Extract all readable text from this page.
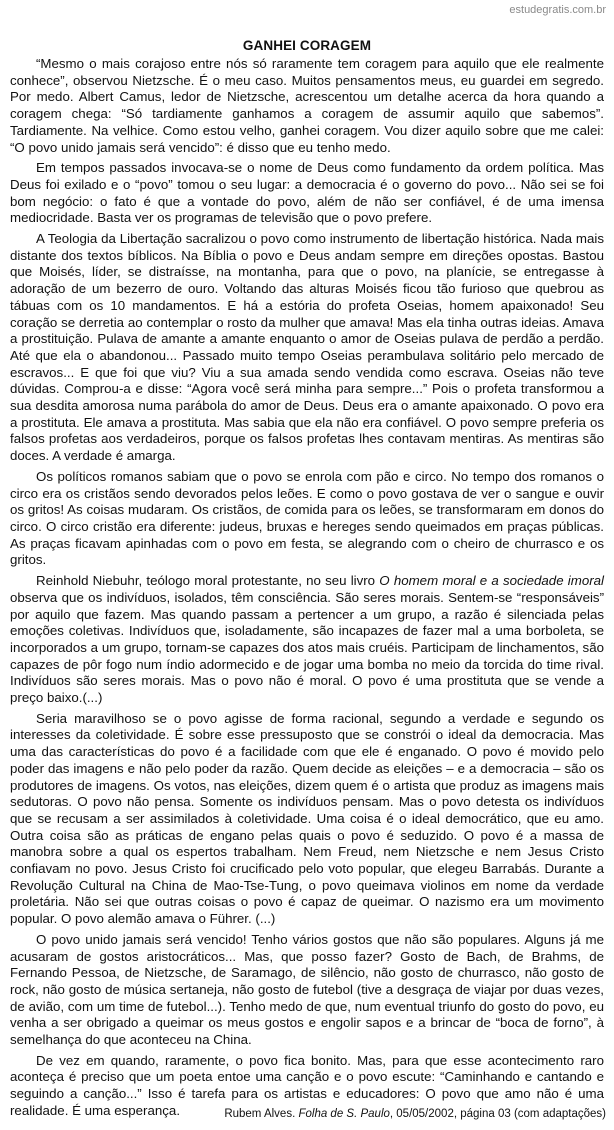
estudegratis.com.br
GANHEI CORAGEM

“Mesmo o mais corajoso entre nós só raramente tem coragem para aquilo que ele realmente conhece”, observou Nietzsche. É o meu caso. Muitos pensamentos meus, eu guardei em segredo. Por medo. Albert Camus, ledor de Nietzsche, acrescentou um detalhe acerca da hora quando a coragem chega: “Só tardiamente ganhamos a coragem de assumir aquilo que sabemos”. Tardiamente. Na velhice. Como estou velho, ganhei coragem. Vou dizer aquilo sobre que me calei: “O povo unido jamais será vencido”: é disso que eu tenho medo.

Em tempos passados invocava-se o nome de Deus como fundamento da ordem política. Mas Deus foi exilado e o “povo” tomou o seu lugar: a democracia é o governo do povo... Não sei se foi bom negócio: o fato é que a vontade do povo, além de não ser confiável, é de uma imensa mediocridade. Basta ver os programas de televisão que o povo prefere.

A Teologia da Libertação sacralizou o povo como instrumento de libertação histórica. Nada mais distante dos textos bíblicos. Na Bíblia o povo e Deus andam sempre em direções opostas. Bastou que Moisés, líder, se distraísse, na montanha, para que o povo, na planície, se entregasse à adoração de um bezerro de ouro. Voltando das alturas Moisés ficou tão furioso que quebrou as tábuas com os 10 mandamentos. E há a estória do profeta Oseias, homem apaixonado! Seu coração se derretia ao contemplar o rosto da mulher que amava! Mas ela tinha outras ideias. Amava a prostituição. Pulava de amante a amante enquanto o amor de Oseias pulava de perdão a perdão. Até que ela o abandonou... Passado muito tempo Oseias perambulava solitário pelo mercado de escravos... E que foi que viu? Viu a sua amada sendo vendida como escrava. Oseias não teve dúvidas. Comprou-a e disse: “Agora você será minha para sempre...” Pois o profeta transformou a sua desdita amorosa numa parábola do amor de Deus. Deus era o amante apaixonado. O povo era a prostituta. Ele amava a prostituta. Mas sabia que ela não era confiável. O povo sempre preferia os falsos profetas aos verdadeiros, porque os falsos profetas lhes contavam mentiras. As mentiras são doces. A verdade é amarga.

Os políticos romanos sabiam que o povo se enrola com pão e circo. No tempo dos romanos o circo era os cristãos sendo devorados pelos leões. E como o povo gostava de ver o sangue e ouvir os gritos! As coisas mudaram. Os cristãos, de comida para os leões, se transformaram em donos do circo. O circo cristão era diferente: judeus, bruxas e hereges sendo queimados em praças públicas. As praças ficavam apinhadas com o povo em festa, se alegrando com o cheiro de churrasco e os gritos.

Reinhold Niebuhr, teólogo moral protestante, no seu livro O homem moral e a sociedade imoral observa que os indivíduos, isolados, têm consciência. São seres morais. Sentem-se “responsáveis” por aquilo que fazem. Mas quando passam a pertencer a um grupo, a razão é silenciada pelas emoções coletivas. Indivíduos que, isoladamente, são incapazes de fazer mal a uma borboleta, se incorporados a um grupo, tornam-se capazes dos atos mais cruéis. Participam de linchamentos, são capazes de pôr fogo num índio adormecido e de jogar uma bomba no meio da torcida do time rival. Indivíduos são seres morais. Mas o povo não é moral. O povo é uma prostituta que se vende a preço baixo.(...)

Seria maravilhoso se o povo agisse de forma racional, segundo a verdade e segundo os interesses da coletividade. É sobre esse pressuposto que se constrói o ideal da democracia. Mas uma das características do povo é a facilidade com que ele é enganado. O povo é movido pelo poder das imagens e não pelo poder da razão. Quem decide as eleições – e a democracia – são os produtores de imagens. Os votos, nas eleições, dizem quem é o artista que produz as imagens mais sedutoras. O povo não pensa. Somente os indivíduos pensam. Mas o povo detesta os indivíduos que se recusam a ser assimilados à coletividade. Uma coisa é o ideal democrático, que eu amo. Outra coisa são as práticas de engano pelas quais o povo é seduzido. O povo é a massa de manobra sobre a qual os espertos trabalham. Nem Freud, nem Nietzsche e nem Jesus Cristo confiavam no povo. Jesus Cristo foi crucificado pelo voto popular, que elegeu Barrabás. Durante a Revolução Cultural na China de Mao-Tse-Tung, o povo queimava violinos em nome da verdade proletária. Não sei que outras coisas o povo é capaz de queimar. O nazismo era um movimento popular. O povo alemão amava o Führer. (...)

O povo unido jamais será vencido! Tenho vários gostos que não são populares. Alguns já me acusaram de gostos aristocráticos... Mas, que posso fazer? Gosto de Bach, de Brahms, de Fernando Pessoa, de Nietzsche, de Saramago, de silêncio, não gosto de churrasco, não gosto de rock, não gosto de música sertaneja, não gosto de futebol (tive a desgraça de viajar por duas vezes, de avião, com um time de futebol...). Tenho medo de que, num eventual triunfo do gosto do povo, eu venha a ser obrigado a queimar os meus gostos e engolir sapos e a brincar de “boca de forno”, à semelhança do que aconteceu na China.

De vez em quando, raramente, o povo fica bonito. Mas, para que esse acontecimento raro aconteça é preciso que um poeta entoe uma canção e o povo escute: “Caminhando e cantando e seguindo a canção...” Isso é tarefa para os artistas e educadores: O povo que amo não é uma realidade. É uma esperança.	Rubem Alves. Folha de S. Paulo, 05/05/2002, página 03 (com adaptações)
